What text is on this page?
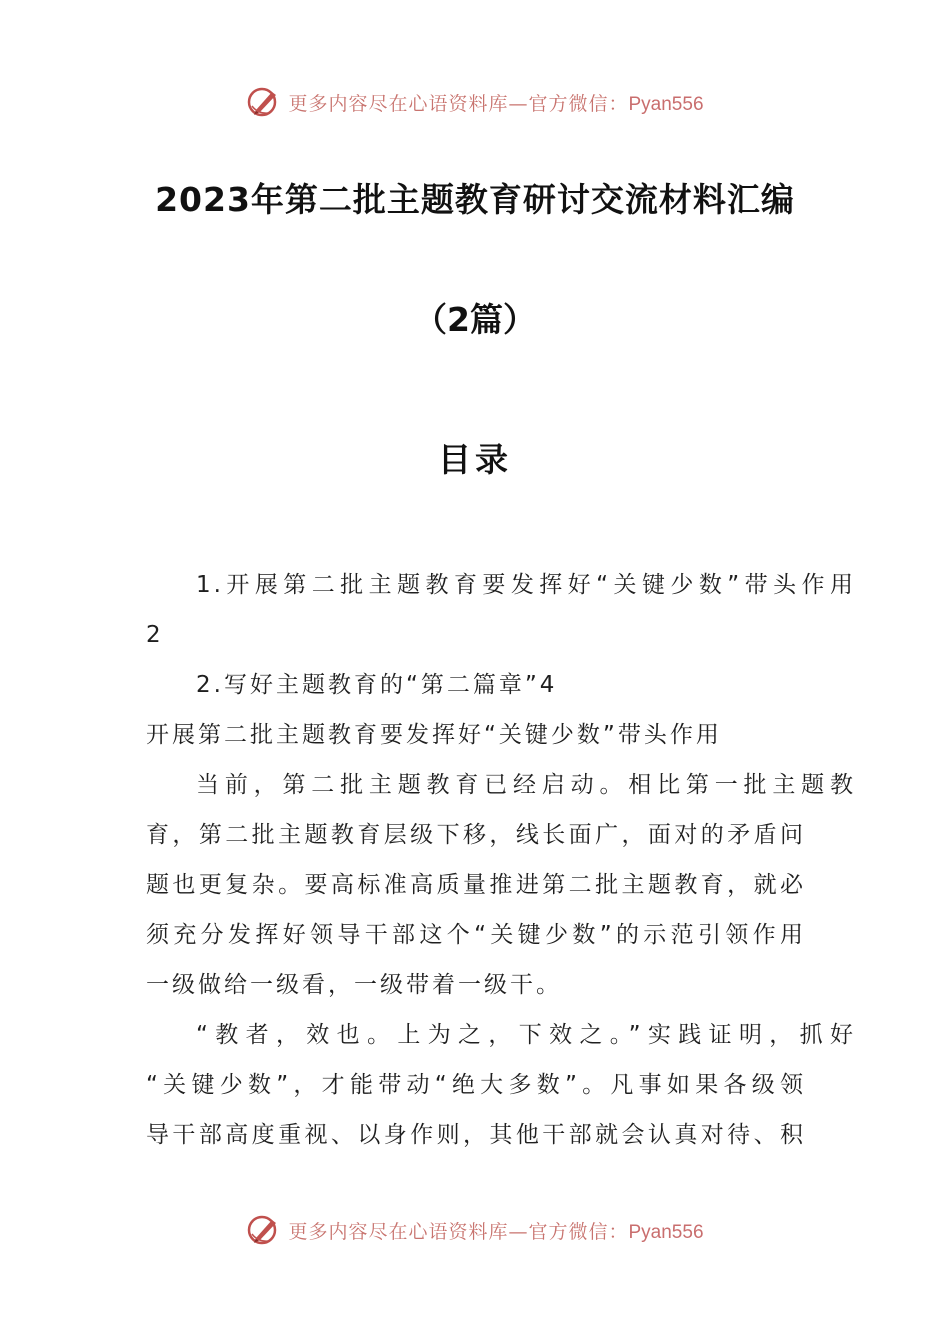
更多内容尽在心语资料库—官方微信：Pyan556
2023年第二批主题教育研讨交流材料汇编
（2篇）
目录
1.开展第二批主题教育要发挥好“关键少数”带头作用
2
2.写好主题教育的“第二篇章”4
开展第二批主题教育要发挥好“关键少数”带头作用
当前，第二批主题教育已经启动。相比第一批主题教
育，第二批主题教育层级下移，线长面广，面对的矛盾问
题也更复杂。要高标准高质量推进第二批主题教育，就必
须充分发挥好领导干部这个“关键少数”的示范引领作用
一级做给一级看，一级带着一级干。
“教者，效也。上为之，下效之。”实践证明，抓好
“关键少数”，才能带动“绝大多数”。凡事如果各级领
导干部高度重视、以身作则，其他干部就会认真对待、积
更多内容尽在心语资料库—官方微信：Pyan556
